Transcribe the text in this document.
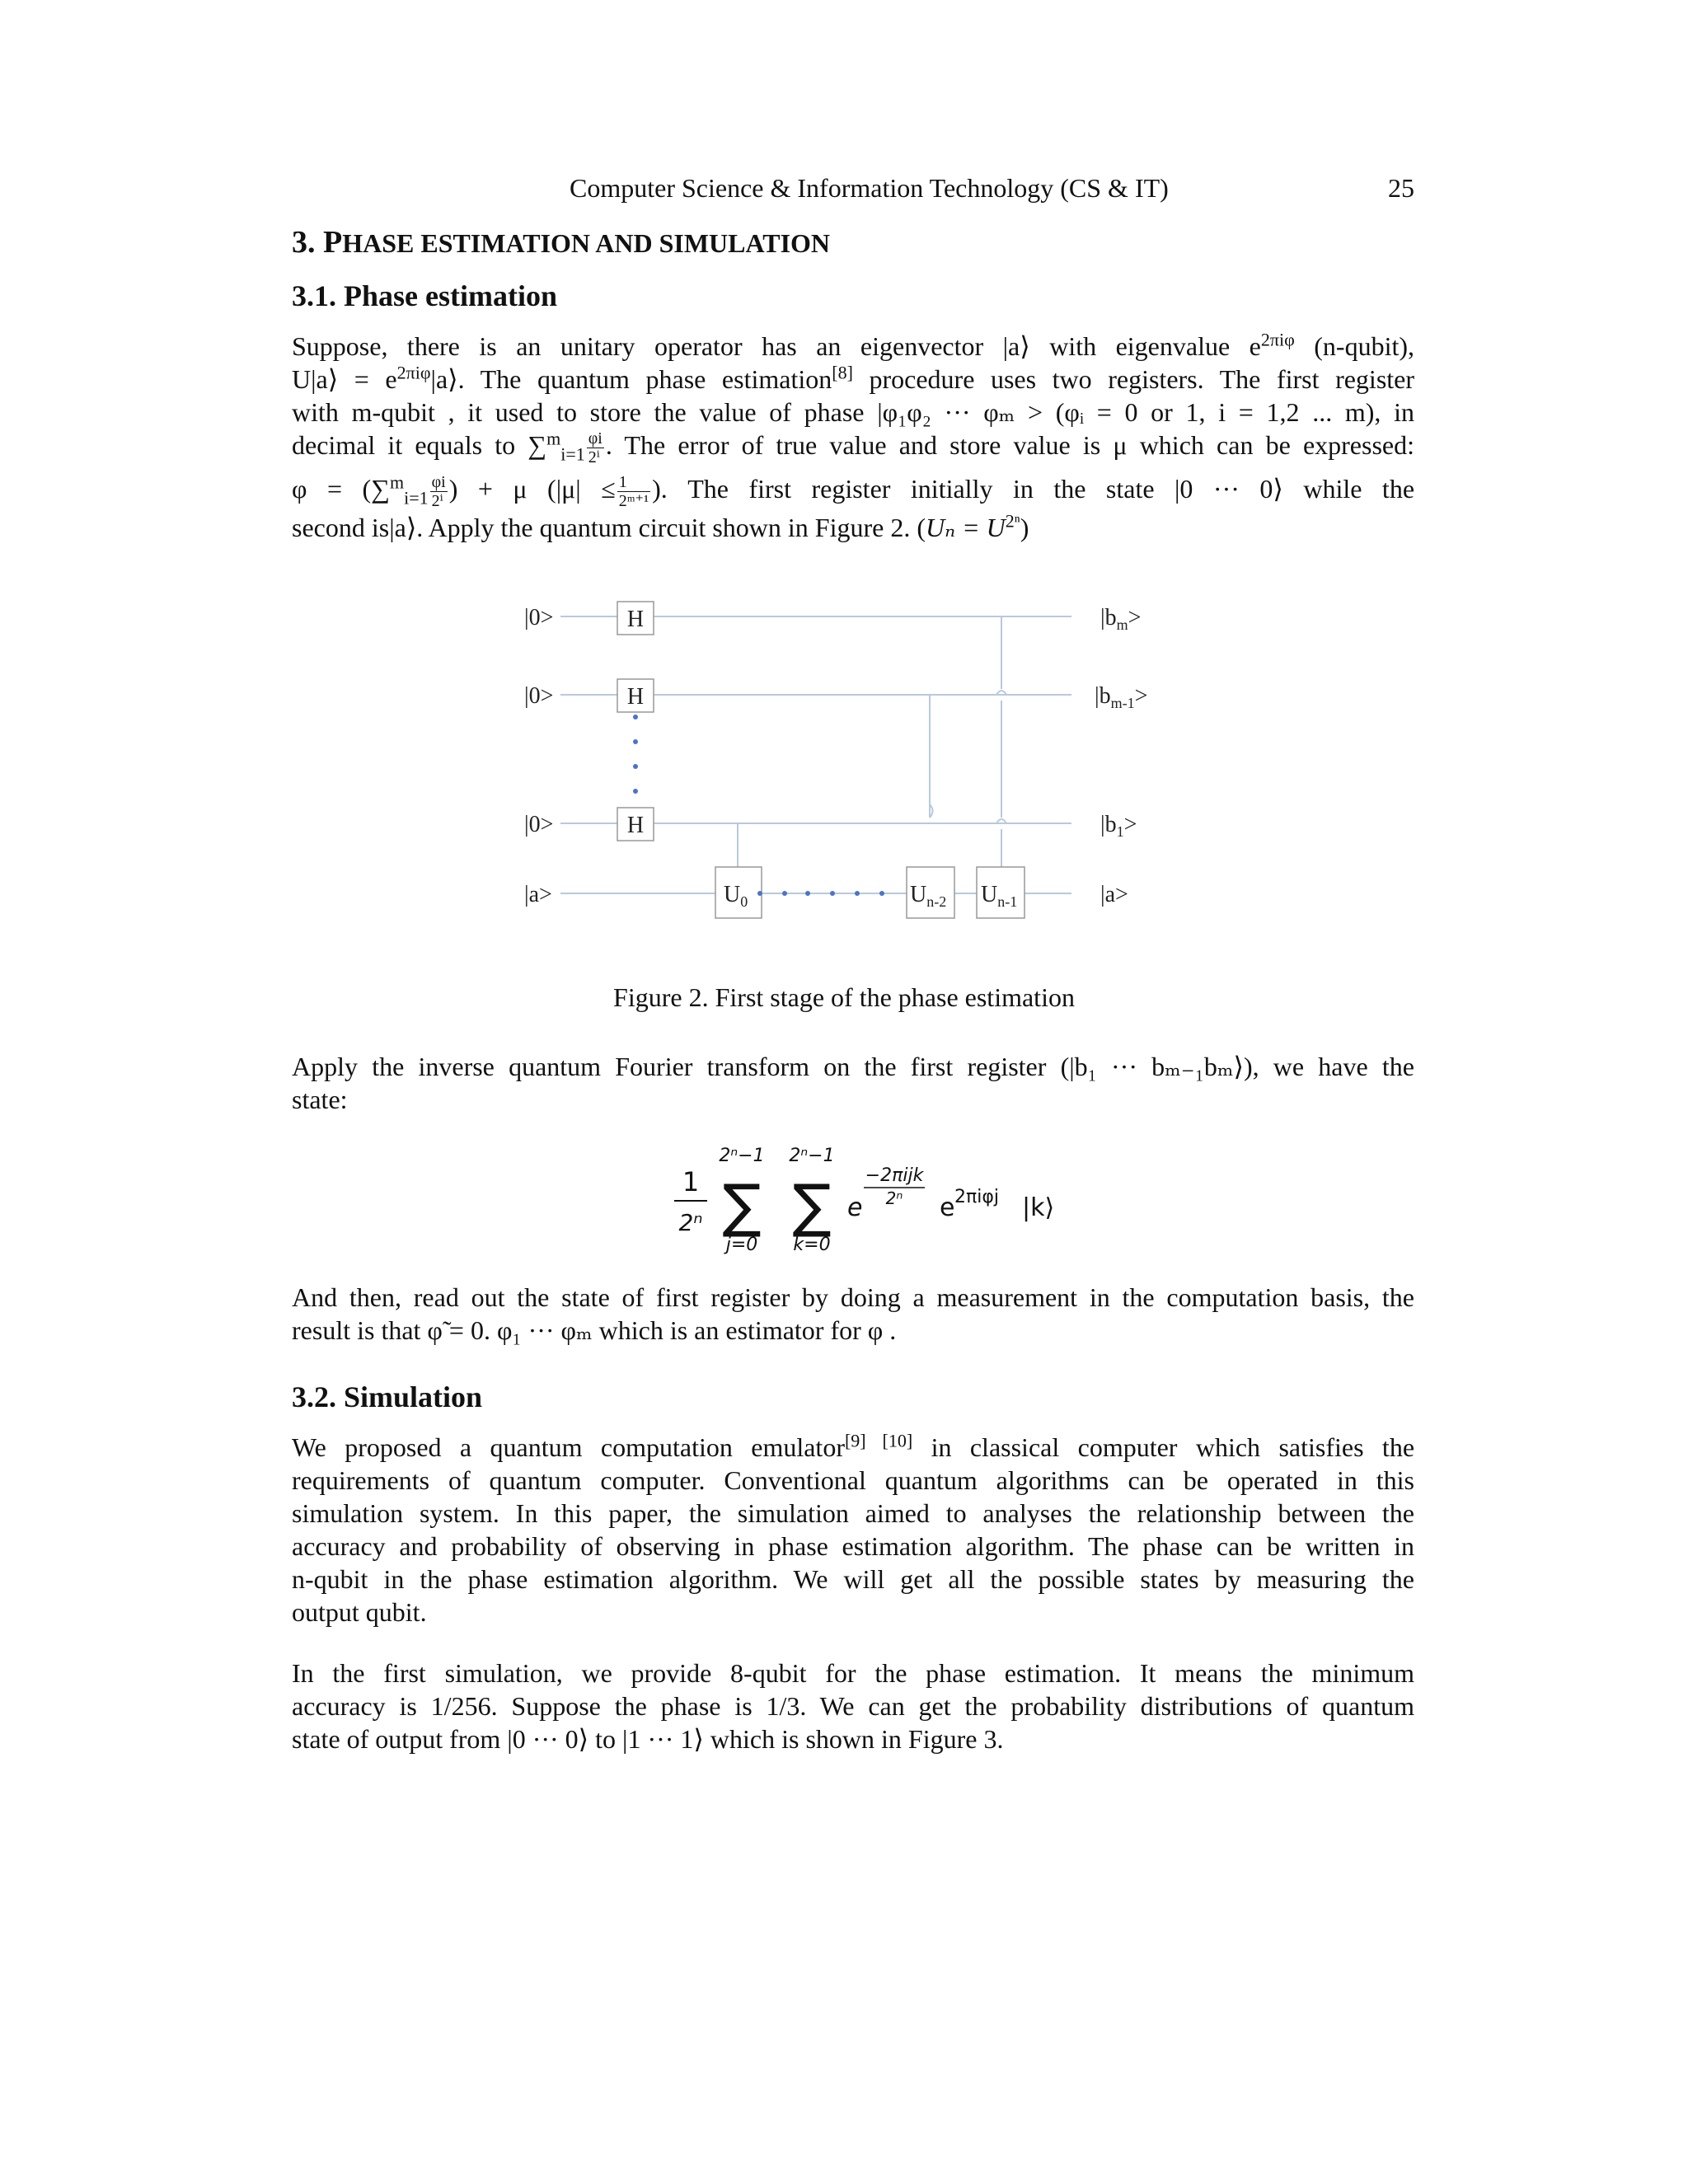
Computer Science & Information Technology (CS & IT)	25
3. PHASE ESTIMATION AND SIMULATION
3.1. Phase estimation
Suppose, there is an unitary operator has an eigenvector |a⟩ with eigenvalue $e^{2\pi i\varphi}$ (n-qubit),
U|a⟩ = $e^{2\pi i\varphi}|a⟩$. The quantum phase estimation[8] procedure uses two registers. The first register
with m-qubit , it used to store the value of phase |φ₁φ₂ ··· φₘ > (φᵢ = 0 or 1, i = 1,2 ... m), in
decimal it equals to $\sum^m_{i=1} \frac{\varphi i}{\text{2ⁱ}}$ . The error of true value and store value is μ which can be expressed:
$\varphi = (\sum^m_{i=1} \frac{\varphi i}{\text{2ⁱ}}$ ) + μ ($|\mu| \le \frac{1}{\text{2ᵐ⁺¹}}$ ). The first register initially in the state |0 ··· 0⟩ while the
second is|a⟩. Apply the quantum circuit shown in Figure 2. $(U_n = U^{2^n})$
|0>
|0>
|0>
|a>
H
H
H
$U_0$	$U_{n-2}$ $U_{n-1}$
$|b_m>$
$|b_{m-1}>$
$|b_1>$
|a>
Figure 2. First stage of the phase estimation
Apply the inverse quantum Fourier transform on the first register (|b₁ ··· bₘ₋₁bₘ⟩), we have the
state:
1
2ⁿ
2ⁿ−1
∑
j=0
2ⁿ−1
∑
k=0
e
−2πijk
2ⁿ e 2πiφj |k⟩
And then, read out the state of first register by doing a measurement in the computation basis, the
result is that φ̃ = 0. φ₁ ··· φₘ which is an estimator for φ .
3.2. Simulation
We proposed a quantum computation emulator[9] [10] in classical computer which satisfies the
requirements of quantum computer. Conventional quantum algorithms can be operated in this
simulation system. In this paper, the simulation aimed to analyses the relationship between the
accuracy and probability of observing in phase estimation algorithm. The phase can be written in
n-qubit in the phase estimation algorithm. We will get all the possible states by measuring the
output qubit.
In the first simulation, we provide 8-qubit for the phase estimation. It means the minimum
accuracy is 1/256. Suppose the phase is 1/3. We can get the probability distributions of quantum
state of output from |0 ··· 0⟩ to |1 ··· 1⟩ which is shown in Figure 3.
